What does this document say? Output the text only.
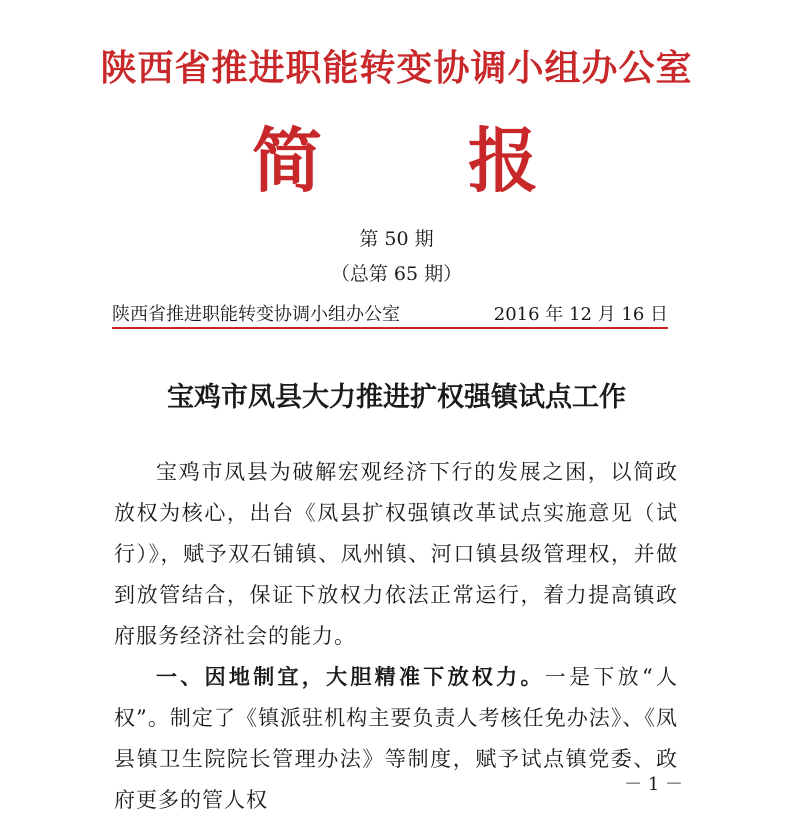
陕西省推进职能转变协调小组办公室
简 报
第 50 期
（总第 65 期）
陕西省推进职能转变协调小组办公室	2016 年 12 月 16 日
宝鸡市凤县大力推进扩权强镇试点工作

宝鸡市凤县为破解宏观经济下行的发展之困，以简政放权为核心，出台《凤县扩权强镇改革试点实施意见（试行）》，赋予双石铺镇、凤州镇、河口镇县级管理权，并做到放管结合，保证下放权力依法正常运行，着力提高镇政府服务经济社会的能力。

一、因地制宜，大胆精准下放权力。一是下放“人权”。制定了《镇派驻机构主要负责人考核任免办法》、《凤县镇卫生院院长管理办法》等制度，赋予试点镇党委、政府更多的管人权

－ 1 －
